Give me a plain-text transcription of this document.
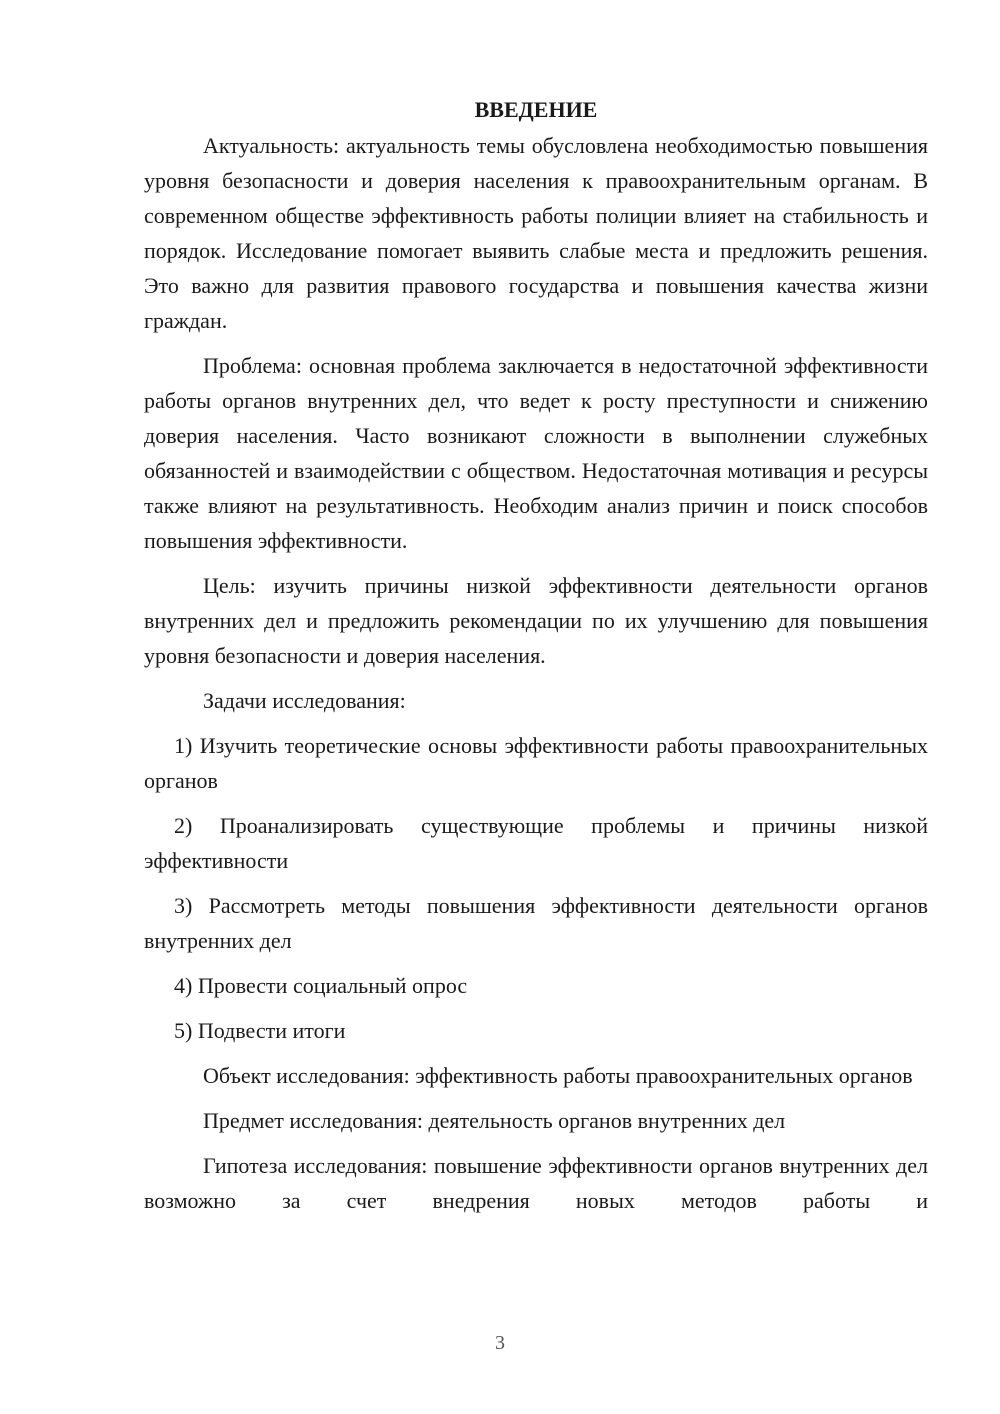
ВВЕДЕНИЕ

Актуальность: актуальность темы обусловлена необходимостью повышения уровня безопасности и доверия населения к правоохранительным органам. В современном обществе эффективность работы полиции влияет на стабильность и порядок. Исследование помогает выявить слабые места и предложить решения. Это важно для развития правового государства и повышения качества жизни граждан.

Проблема: основная проблема заключается в недостаточной эффективности работы органов внутренних дел, что ведет к росту преступности и снижению доверия населения. Часто возникают сложности в выполнении служебных обязанностей и взаимодействии с обществом. Недостаточная мотивация и ресурсы также влияют на результативность. Необходим анализ причин и поиск способов повышения эффективности.

Цель: изучить причины низкой эффективности деятельности органов внутренних дел и предложить рекомендации по их улучшению для повышения уровня безопасности и доверия населения.

Задачи исследования:

1) Изучить теоретические основы эффективности работы правоохранительных органов

2) Проанализировать существующие проблемы и причины низкой эффективности

3) Рассмотреть методы повышения эффективности деятельности органов внутренних дел

4) Провести социальный опрос

5) Подвести итоги

Объект исследования: эффективность работы правоохранительных органов

Предмет исследования: деятельность органов внутренних дел

Гипотеза исследования: повышение эффективности органов внутренних дел возможно за счет внедрения новых методов работы и

3
